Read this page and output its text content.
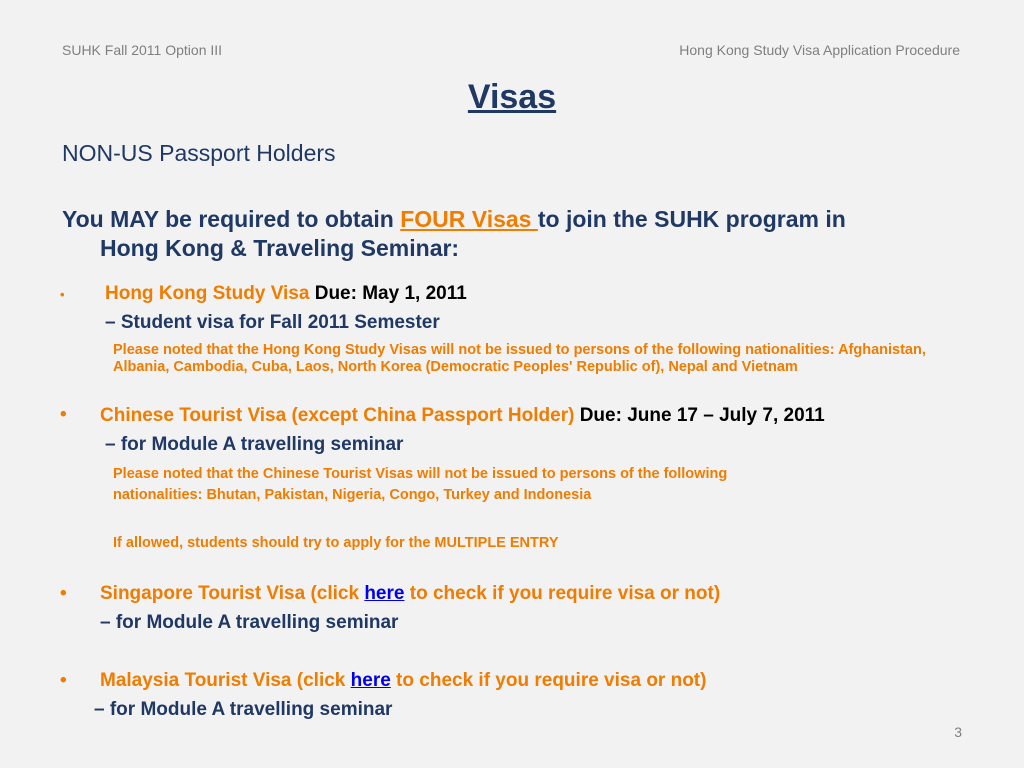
SUHK Fall 2011 Option III	Hong Kong Study Visa Application Procedure
Visas
NON-US Passport Holders
You MAY be required to obtain FOUR Visas to join the SUHK program in
Hong Kong & Traveling Seminar:
• Hong Kong Study Visa Due: May 1, 2011
– Student visa for Fall 2011 Semester
Please noted that the Hong Kong Study Visas will not be issued to persons of the following nationalities: Afghanistan,
Albania, Cambodia, Cuba, Laos, North Korea (Democratic Peoples' Republic of), Nepal and Vietnam
• Chinese Tourist Visa (except China Passport Holder) Due: June 17 – July 7, 2011
– for Module A travelling seminar
Please noted that the Chinese Tourist Visas will not be issued to persons of the following
nationalities: Bhutan, Pakistan, Nigeria, Congo, Turkey and Indonesia
If allowed, students should try to apply for the MULTIPLE ENTRY
• Singapore Tourist Visa (click here to check if you require visa or not)
– for Module A travelling seminar
• Malaysia Tourist Visa (click here to check if you require visa or not)
– for Module A travelling seminar
3
